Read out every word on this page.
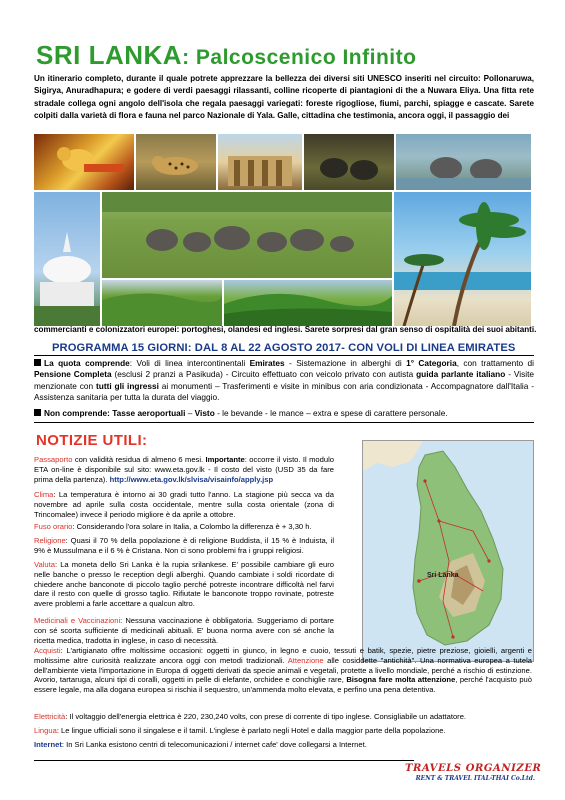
SRI LANKA: Palcoscenico Infinito
Un itinerario completo, durante il quale potrete apprezzare la bellezza dei diversi siti UNESCO inseriti nel circuito: Pollonaruwa, Sigirya, Anuradhapura; e godere di verdi paesaggi rilassanti, colline ricoperte di piantagioni di the a Nuwara Eliya. Una fitta rete stradale collega ogni angolo dell'isola che regala paesaggi variegati: foreste rigogliose, fiumi, parchi, spiagge e cascate. Sarete colpiti dalla varietà di flora e fauna nel parco Nazionale di Yala. Galle, cittadina che testimonia, ancora oggi, il passaggio dei
commercianti e colonizzatori europei: portoghesi, olandesi ed inglesi. Sarete sorpresi dal gran senso di ospitalità dei suoi abitanti.
PROGRAMMA 15 GIORNI: DAL 8 AL 22 AGOSTO 2017- CON VOLI DI LINEA EMIRATES
La quota comprende: Voli di linea intercontinentali Emirates - Sistemazione in alberghi di 1° Categoria, con trattamento di Pensione Completa (esclusi 2 pranzi a Pasikuda) - Circuito effettuato con veicolo privato con autista guida parlante italiano - Visite menzionate con tutti gli ingressi ai monumenti – Trasferimenti e visite in minibus con aria condizionata - Accompagnatore dall'Italia - Assistenza sanitaria per tutta la durata del viaggio.
Non comprende: Tasse aeroportuali – Visto - le bevande - le mance – extra e spese di carattere personale.
NOTIZIE UTILI:
Passaporto con validità residua di almeno 6 mesi. Importante: occorre il visto. Il modulo ETA on-line è disponibile sul sito: www.eta.gov.lk - Il costo del visto (USD 35 da fare prima della partenza). http://www.eta.gov.lk/slvisa/visainfo/apply.jsp
Clima: La temperatura è intorno ai 30 gradi tutto l'anno. La stagione più secca va da novembre ad aprile sulla costa occidentale, mentre sulla costa orientale (zona di Trincomalee) invece il periodo migliore è da aprile a ottobre.
Fuso orario: Considerando l'ora solare in Italia, a Colombo la differenza è + 3,30 h.
Religione: Quasi il 70 % della popolazione è di religione Buddista, il 15 % è Induista, il 9% è Mussulmana e il 6 % è Cristana. Non ci sono problemi fra i gruppi religiosi.
Valuta: La moneta dello Sri Lanka è la rupia srilankese. E' possibile cambiare gli euro nelle banche o presso le reception degli alberghi. Quando cambiate i soldi ricordate di chiedere anche banconote di piccolo taglio perché potreste incontrare difficoltà nel farvi dare il resto con quelle di grosso taglio. Rifiutate le banconote troppo rovinate, potreste avere problemi a farle accettare a qualcun altro.
Medicinali e Vaccinazioni: Nessuna vaccinazione è obbligatoria. Suggeriamo di portare con sé scorta sufficiente di medicinali abituali. E' buona norma avere con sé anche la ricetta medica, tradotta in inglese, in caso di necessità.
Sri Lanka
Acquisti: L'artigianato offre moltissime occasioni: oggetti in giunco, in legno e cuoio, tessuti e batik, spezie, pietre preziose, gioielli, argenti e moltissime altre curiosità realizzate ancora oggi con metodi tradizionali. Attenzione alle cosiddette "antichità". Una normativa europea a tutela dell'ambiente vieta l'importazione in Europa di oggetti derivati da specie animali e vegetali, protette a livello mondiale, perché a rischio di estinzione. Avorio, tartaruga, alcuni tipi di coralli, oggetti in pelle di elefante, orchidee e conchiglie rare, Bisogna fare molta attenzione, perché l'acquisto può essere legale, ma alla dogana europea si rischia il sequestro, un'ammenda molto elevata, e perfino una pena detentiva.
Elettricità: Il voltaggio dell'energia elettrica è 220, 230,240 volts, con prese di corrente di tipo inglese. Consigliabile un adattatore.
Lingua: Le lingue ufficiali sono il singalese e il tamil. L'inglese è parlato negli Hotel e dalla maggior parte della popolazione.
Internet: In Sri Lanka esistono centri di telecomunicazioni / internet cafe' dove collegarsi a Internet.
TRAVELS ORGANIZER
RENT & TRAVEL ITAL-THAI Co.Ltd.
